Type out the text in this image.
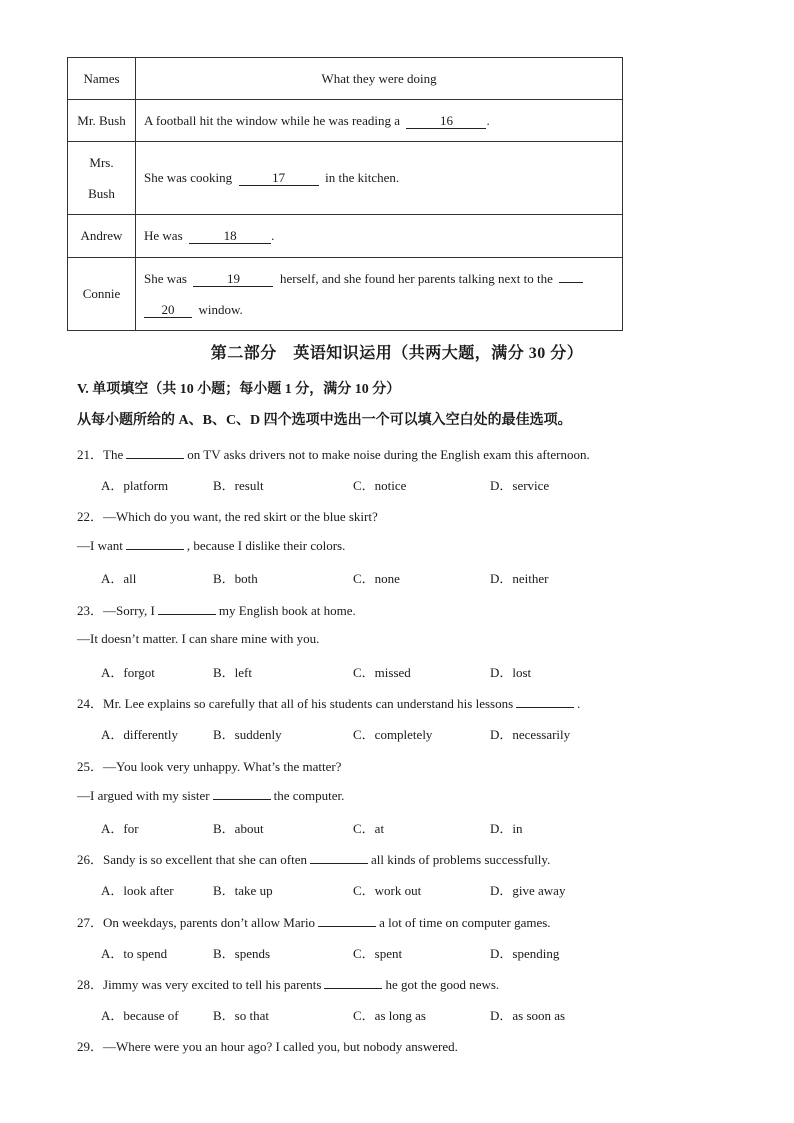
Names	What they were doing
Mr. Bush	A football hit the window while he was reading a 16 .
Mrs.
Bush	She was cooking 17 in the kitchen.
Andrew	He was 18 .
Connie	She was 19 herself, and she found her parents talking next to the
20 window.
第二部分　英语知识运用（共两大题，满分 30 分）
V. 单项填空（共 10 小题；每小题 1 分，满分 10 分）
从每小题所给的 A、B、C、D 四个选项中选出一个可以填入空白处的最佳选项。
21．The	on TV asks drivers not to make noise during the English exam this afternoon.
A．platform	B．result	C．notice	D．service
22．—Which do you want, the red skirt or the blue skirt?
—I want	, because I dislike their colors.
A．all	B．both	C．none	D．neither
23．—Sorry, I	my English book at home.
—It doesn’t matter. I can share mine with you.
A．forgot	B．left	C．missed	D．lost
24．Mr. Lee explains so carefully that all of his students can understand his lessons	.
A．differently	B．suddenly	C．completely	D．necessarily
25．—You look very unhappy. What’s the matter?
—I argued with my sister	the computer.
A．for	B．about	C．at	D．in
26．Sandy is so excellent that she can often	all kinds of problems successfully.
A．look after	B．take up	C．work out	D．give away
27．On weekdays, parents don’t allow Mario	a lot of time on computer games.
A．to spend	B．spends	C．spent	D．spending
28．Jimmy was very excited to tell his parents	he got the good news.
A．because of	B．so that	C．as long as	D．as soon as
29．—Where were you an hour ago? I called you, but nobody answered.
